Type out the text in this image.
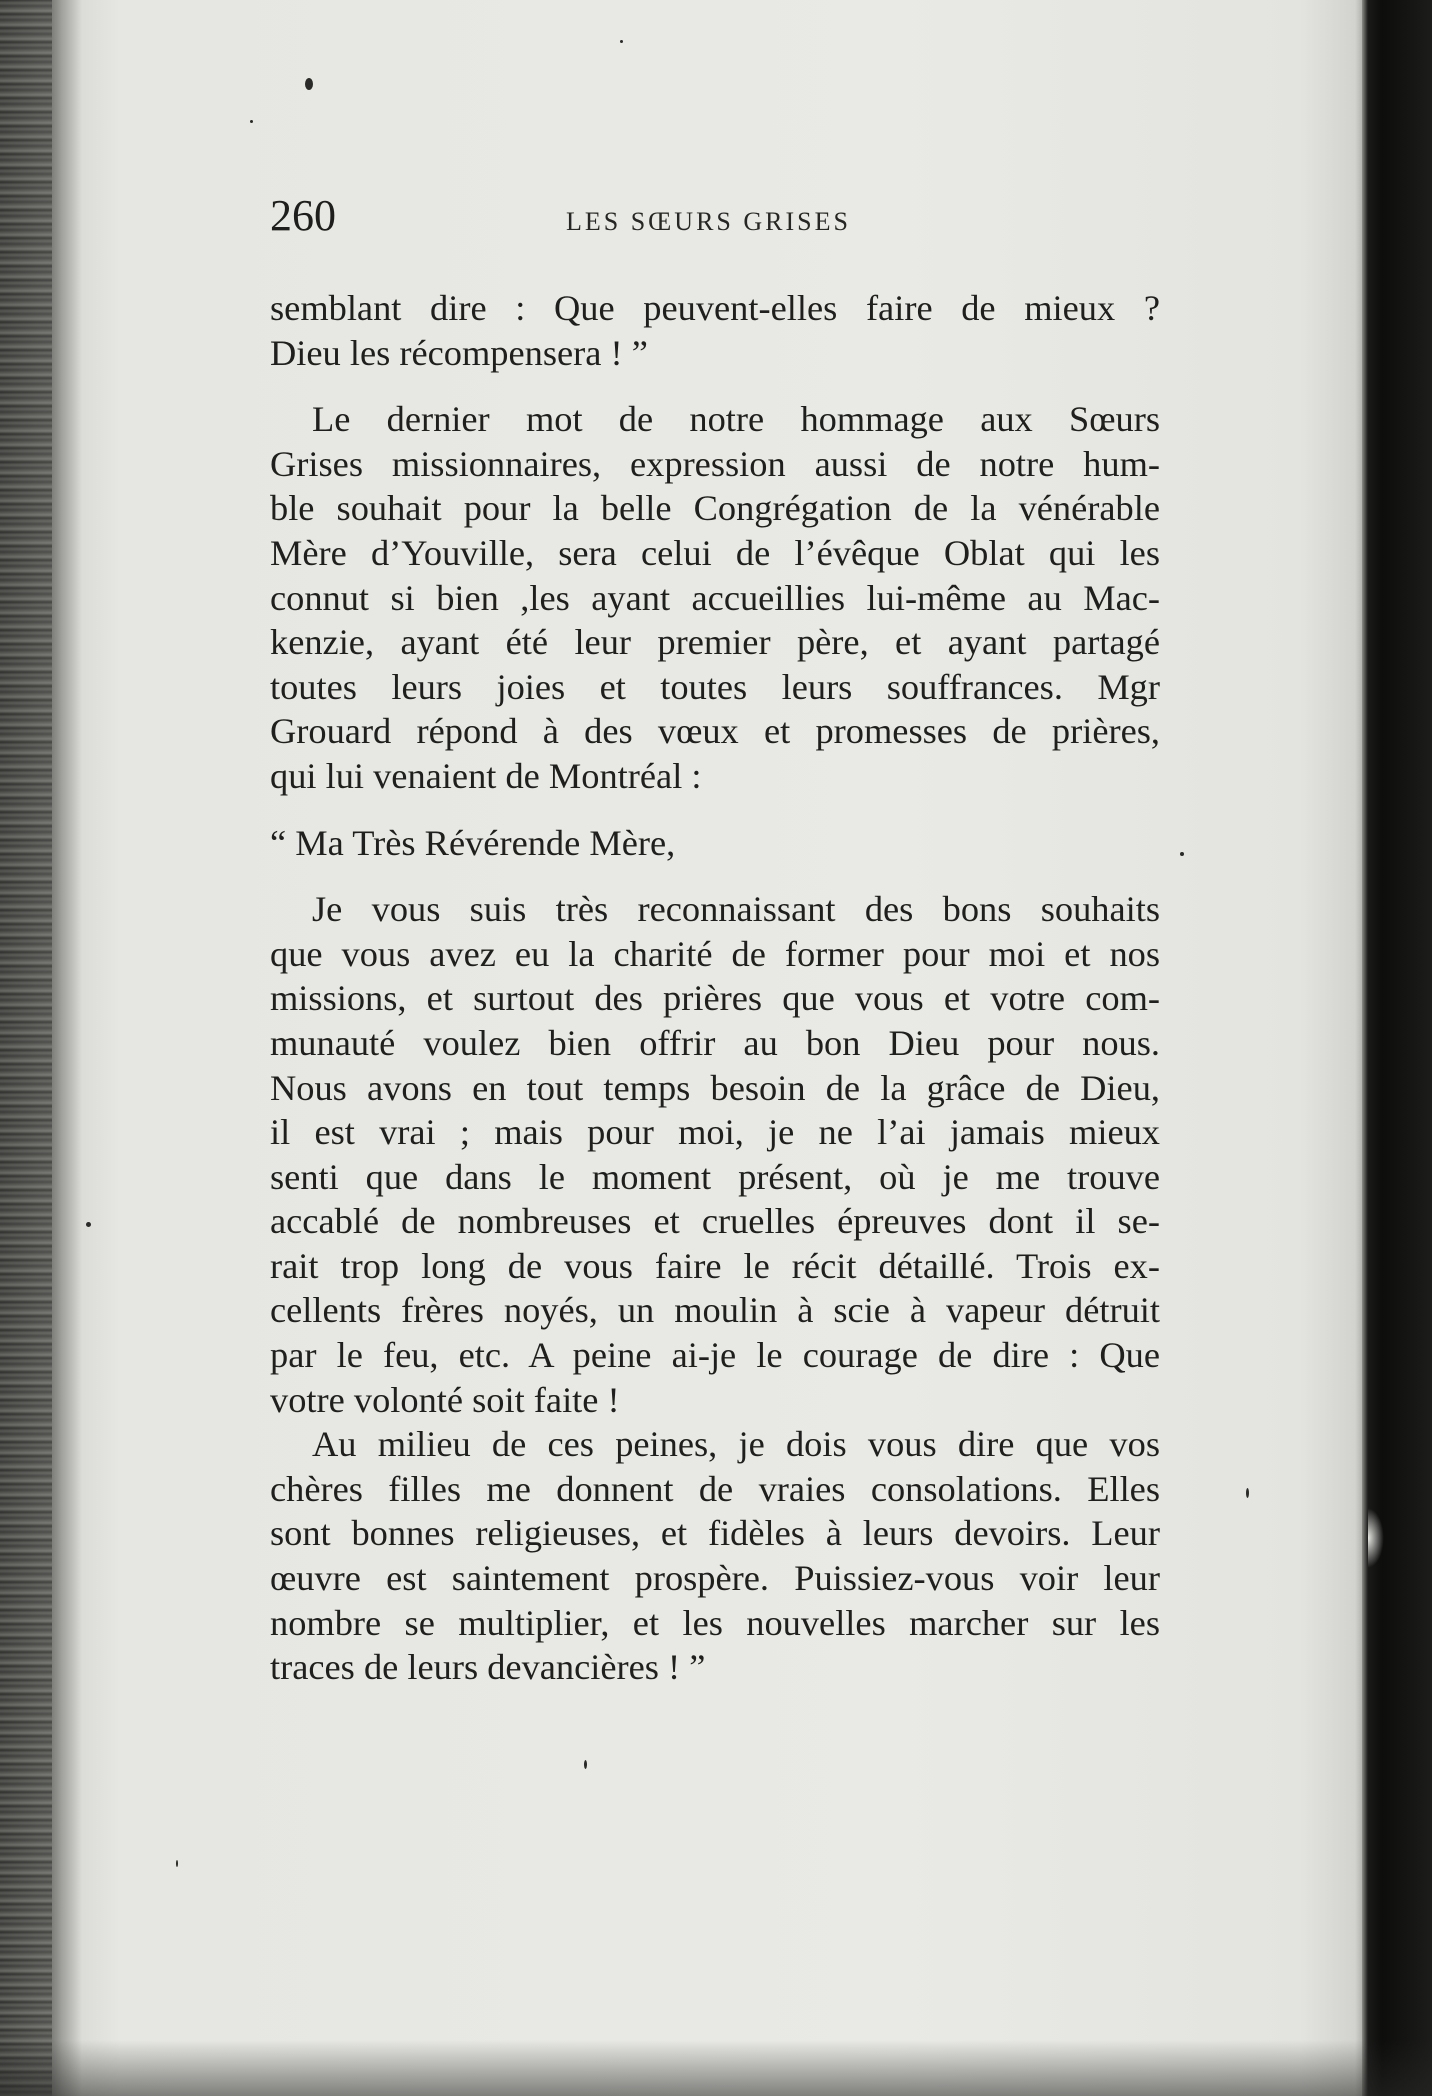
260	LES SŒURS GRISES
semblant dire : Que peuvent-elles faire de mieux ?
Dieu les récompensera ! ”
Le dernier mot de notre hommage aux Sœurs
Grises missionnaires, expression aussi de notre hum-
ble souhait pour la belle Congrégation de la vénérable
Mère d’Youville, sera celui de l’évêque Oblat qui les
connut si bien ,les ayant accueillies lui-même au Mac-
kenzie, ayant été leur premier père, et ayant partagé
toutes leurs joies et toutes leurs souffrances. Mgr
Grouard répond à des vœux et promesses de prières,
qui lui venaient de Montréal :
“ Ma Très Révérende Mère,
Je vous suis très reconnaissant des bons souhaits
que vous avez eu la charité de former pour moi et nos
missions, et surtout des prières que vous et votre com-
munauté voulez bien offrir au bon Dieu pour nous.
Nous avons en tout temps besoin de la grâce de Dieu,
il est vrai ; mais pour moi, je ne l’ai jamais mieux
senti que dans le moment présent, où je me trouve
accablé de nombreuses et cruelles épreuves dont il se-
rait trop long de vous faire le récit détaillé. Trois ex-
cellents frères noyés, un moulin à scie à vapeur détruit
par le feu, etc. A peine ai-je le courage de dire : Que
votre volonté soit faite !
Au milieu de ces peines, je dois vous dire que vos
chères filles me donnent de vraies consolations. Elles
sont bonnes religieuses, et fidèles à leurs devoirs. Leur
œuvre est saintement prospère. Puissiez-vous voir leur
nombre se multiplier, et les nouvelles marcher sur les
traces de leurs devancières ! ”
